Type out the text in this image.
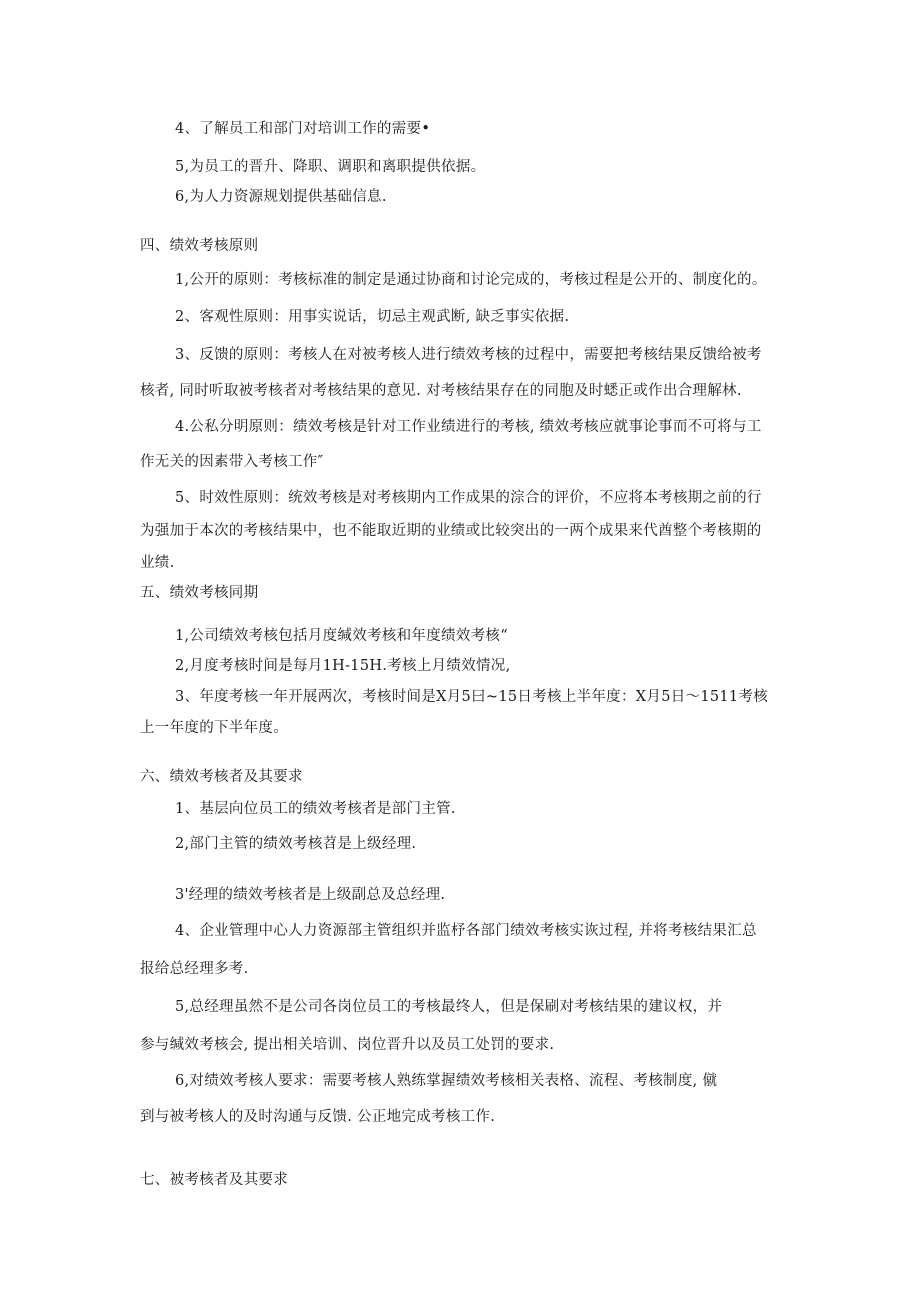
4、了解员工和部门对培训工作的需要•
5,为员工的晋升、降职、调职和离职提供依据。
6,为人力资源规划提供基础信息.
四、绩效考核原则
1,公开的原则：考核标准的制定是通过协商和讨论完成的，考核过程是公开的、制度化的。
2、客观性原则：用事实说话，切忌主观武断, 缺乏事实依据.
3、反馈的原则：考核人在对被考核人进行绩效考核的过程中，需要把考核结果反馈给被考
核者, 同时听取被考核者对考核结果的意见. 对考核结果存在的同胞及时蟋正或作出合理解林.
4.公私分明原则：绩效考核是针对工作业绩进行的考核, 绩效考核应就事论事而不可将与工
作无关的因素带入考核工作″
5、时效性原则：统效考核是对考核期内工作成果的淙合的评价，不应将本考核期之前的行
为强加于本次的考核结果中，也不能取近期的业绩或比较突出的一两个成果来代酋整个考核期的
业绩.
五、绩效考核同期
1,公司绩效考核包括月度缄效考核和年度绩效考核“
2,月度考核时间是每月1H-15H.考核上月绩效情况,
3、年度考核一年开展两次，考核时间是X月5曰~15日考核上半年度：X月5日～1511考核
上一年度的下半年度。
六、绩效考核者及其要求
1、基层向位员工的绩效考核者是部门主管.
2,部门主管的绩效考核苕是上级经理.
3'经理的绩效考核者是上级副总及总经理.
4、企业管理中心人力资源部主管组织并监杼各部门绩效考核实诙过程, 并将考核结果汇总
报给总经理多考.
5,总经理虽然不是公司各岗位员工的考核最终人，但是保刷对考核结果的建议权，并
参与缄效考核会, 提出相关培训、岗位晋升以及员工处罚的要求.
6,对绩效考核人要求：需要考核人熟练掌握绩效考核相关表格、流程、考核制度, 僦
到与被考核人的及时沟通与反馈. 公正地完成考核工作.
七、被考核者及其要求
